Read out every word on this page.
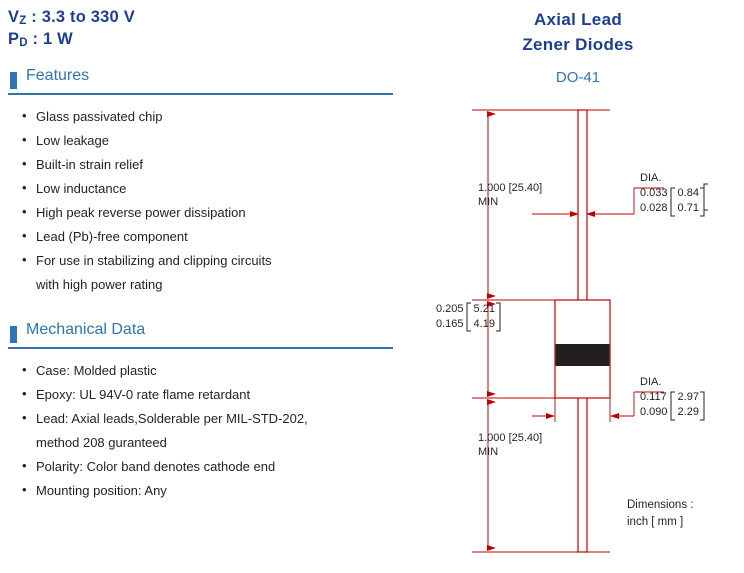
VZ : 3.3 to 330 V
PD : 1 W
Features
• Glass passivated chip
• Low leakage
• Built-in strain relief
• Low inductance
• High peak reverse power dissipation
• Lead (Pb)-free component
• For use in stabilizing and clipping circuits
with high power rating
Mechanical Data
• Case: Molded plastic
• Epoxy: UL 94V-0 rate flame retardant
• Lead: Axial leads,Solderable per MIL-STD-202,
method 208 guranteed
• Polarity: Color band denotes cathode end
• Mounting position: Any
Axial Lead
Zener Diodes
DO-41
1.000 [25.40]
MIN
0.205		5.21	

0.165		4.19	
1.000 [25.40]
MIN
DIA.
0.033		0.84	

0.028		0.71	
DIA.
0.117		2.97	

0.090		2.29	
Dimensions :
inch [ mm ]
